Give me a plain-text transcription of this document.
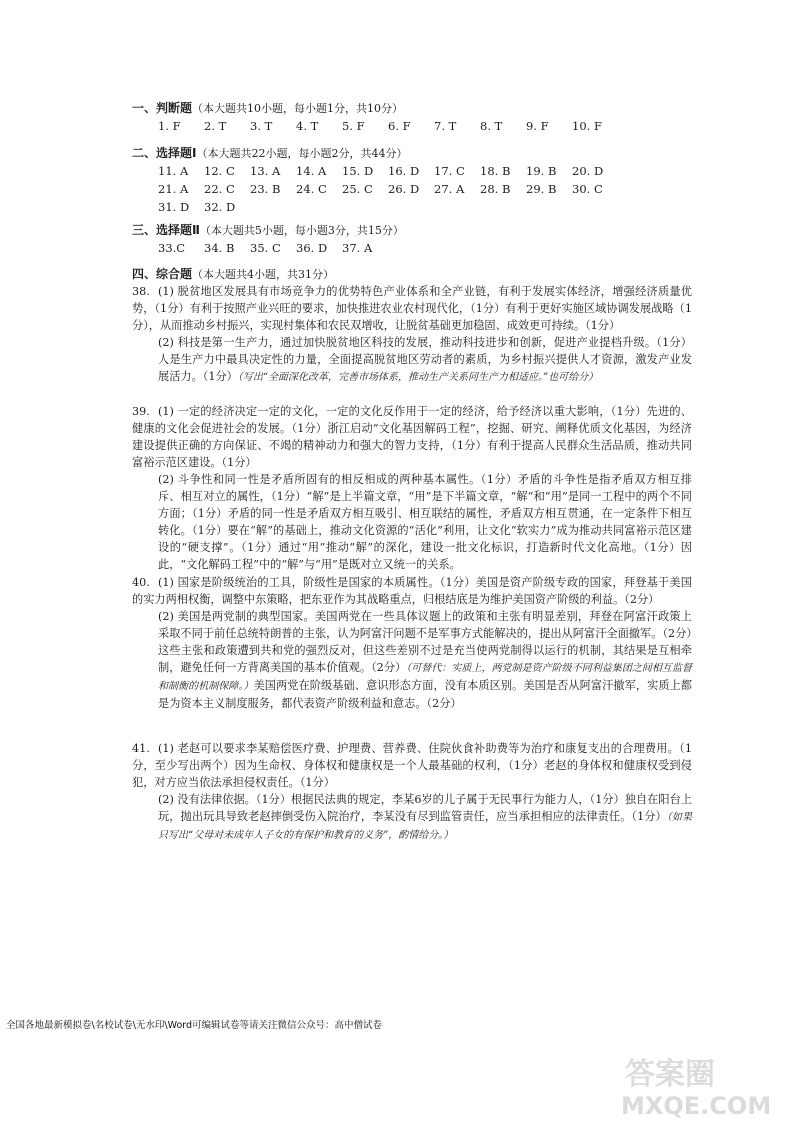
一、判断题（本大题共10小题，每小题1分，共10分）
1. F	2. T	3. T	4. T	5. F	6. F	7. T	8. T	9. F	10. F
二、选择题Ⅰ（本大题共22小题，每小题2分，共44分）
11. A	12. C	13. A	14. A	15. D	16. D	17. C	18. B	19. B	20. D
21. A	22. C	23. B	24. C	25. C	26. D	27. A	28. B	29. B	30. C
31. D	32. D
三、选择题Ⅱ（本大题共5小题，每小题3分，共15分）
33.C	34. B	35. C	36. D	37. A
四、综合题（本大题共4小题，共31分）

38. (1) 脱贫地区发展具有市场竞争力的优势特色产业体系和全产业链，有利于发展实体经济，增强经济质量优势，（1分）有利于按照产业兴旺的要求，加快推进农业农村现代化，（1分）有利于更好实施区域协调发展战略（1分），从而推动乡村振兴，实现村集体和农民双增收，让脱贫基础更加稳固、成效更可持续。（1分）

(2) 科技是第一生产力，通过加快脱贫地区科技的发展，推动科技进步和创新，促进产业提档升级。（1分）人是生产力中最具决定性的力量，全面提高脱贫地区劳动者的素质，为乡村振兴提供人才资源，激发产业发展活力。（1分）（写出“全面深化改革，完善市场体系，推动生产关系同生产力相适应。”也可给分）

39. (1) 一定的经济决定一定的文化，一定的文化反作用于一定的经济，给予经济以重大影响，（1分）先进的、健康的文化会促进社会的发展。（1分）浙江启动“文化基因解码工程”，挖掘、研究、阐释优质文化基因，为经济建设提供正确的方向保证、不竭的精神动力和强大的智力支持，（1分）有利于提高人民群众生活品质，推动共同富裕示范区建设。（1分）

(2) 斗争性和同一性是矛盾所固有的相反相成的两种基本属性。（1分）矛盾的斗争性是指矛盾双方相互排斥、相互对立的属性，（1分）“解”是上半篇文章，“用”是下半篇文章，“解”和“用”是同一工程中的两个不同方面；（1分）矛盾的同一性是矛盾双方相互吸引、相互联结的属性，矛盾双方相互贯通，在一定条件下相互转化。（1分）要在“解”的基础上，推动文化资源的“活化”利用，让文化“软实力”成为推动共同富裕示范区建设的“硬支撑”。（1分）通过“用”推动“解”的深化，建设一批文化标识，打造新时代文化高地。（1分）因此，“文化解码工程”中的“解”与“用”是既对立又统一的关系。

40. (1) 国家是阶级统治的工具，阶级性是国家的本质属性。（1分）美国是资产阶级专政的国家，拜登基于美国的实力两相权衡，调整中东策略，把东亚作为其战略重点，归根结底是为维护美国资产阶级的利益。（2分）

(2) 美国是两党制的典型国家。美国两党在一些具体议题上的政策和主张有明显差别，拜登在阿富汗政策上采取不同于前任总统特朗普的主张，认为阿富汗问题不是军事方式能解决的，提出从阿富汗全面撤军。（2分）这些主张和政策遭到共和党的强烈反对，但这些差别不过是充当使两党制得以运行的机制，其结果是互相牵制，避免任何一方背离美国的基本价值观。（2分）（可替代：实质上，两党制是资产阶级不同利益集团之间相互监督和制衡的机制保障。）美国两党在阶级基础、意识形态方面，没有本质区别。美国是否从阿富汗撤军，实质上都是为资本主义制度服务，都代表资产阶级利益和意志。（2分）

41. (1) 老赵可以要求李某赔偿医疗费、护理费、营养费、住院伙食补助费等为治疗和康复支出的合理费用。（1分，至少写出两个）因为生命权、身体权和健康权是一个人最基础的权利，（1分）老赵的身体权和健康权受到侵犯，对方应当依法承担侵权责任。（1分）

(2) 没有法律依据。（1分）根据民法典的规定，李某6岁的儿子属于无民事行为能力人，（1分）独自在阳台上玩，抛出玩具导致老赵摔倒受伤入院治疗，李某没有尽到监管责任，应当承担相应的法律责任。（1分）（如果只写出“父母对未成年人子女的有保护和教育的义务”，酌情给分。）

全国各地最新模拟卷\名校试卷\无水印\Word可编辑试卷等请关注微信公众号：高中僧试卷
答案圈
MXQE.COM
